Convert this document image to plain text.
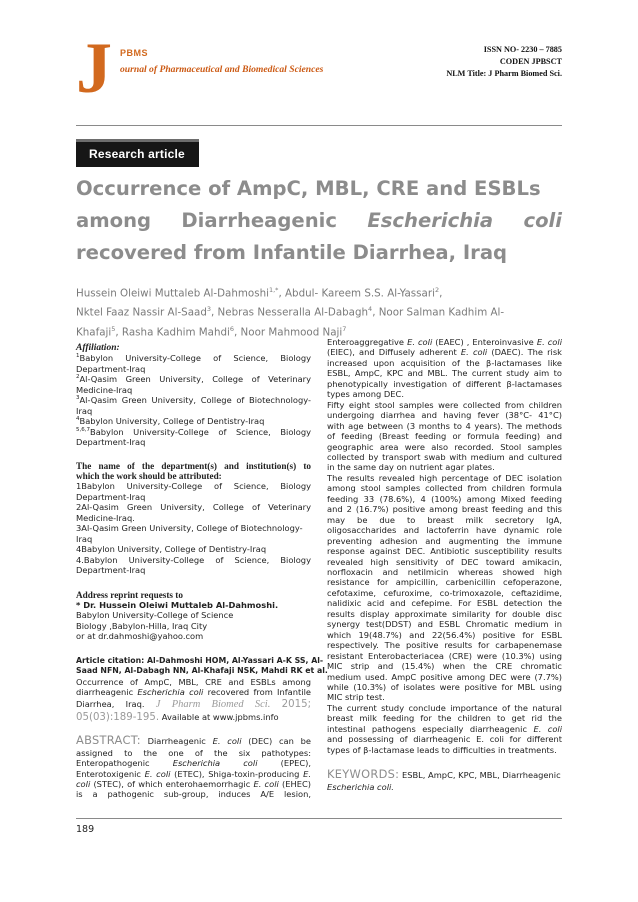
J PBMS
ournal of Pharmaceutical and Biomedical Sciences
ISSN NO- 2230 – 7885
CODEN JPBSCT
NLM Title: J Pharm Biomed Sci.
Research article
Occurrence of AmpC, MBL, CRE and ESBLs
among Diarrheagenic Escherichia coli
recovered from Infantile Diarrhea, Iraq
Hussein Oleiwi Muttaleb Al-Dahmoshi$^{1,*}$, Abdul- Kareem S.S. Al-Yassari$^2$,
Nktel Faaz Nassir Al-Saad$^3$, Nebras Nesseralla Al-Dabagh$^4$, Noor Salman Kadhim Al-
Khafaji$^5$, Rasha Kadhim Mahdi$^6$, Noor Mahmood Naji$^7$
Affiliation:
$^1$Babylon University-College of Science, Biology
Department-Iraq
$^2$Al-Qasim Green University, College of Veterinary
Medicine-Iraq
$^3$Al-Qasim Green University, College of Biotechnology-
Iraq
$^4$Babylon University, College of Dentistry-Iraq
$^{5,6,7}$Babylon University-College of Science, Biology
Department-Iraq
The name of the department(s) and institution(s) to
which the work should be attributed:
1Babylon University-College of Science, Biology
Department-Iraq
2Al-Qasim Green University, College of Veterinary
Medicine-Iraq.
3Al-Qasim Green University, College of Biotechnology-
Iraq
4Babylon University, College of Dentistry-Iraq
4.Babylon University-College of Science, Biology
Department-Iraq
Address reprint requests to
* Dr. Hussein Oleiwi Muttaleb Al-Dahmoshi.
Babylon University-College of Science
Biology ,Babylon-Hilla, Iraq City
or at dr.dahmoshi@yahoo.com
Article citation: Al-Dahmoshi HOM, Al-Yassari A-K SS, Al-
Saad NFN, Al-Dabagh NN, Al-Khafaji NSK, Mahdi RK et al.
Occurrence of AmpC, MBL, CRE and ESBLs among
diarrheagenic Escherichia coli recovered from Infantile
Diarrhea, Iraq. J Pharm Biomed Sci. 2015;
05(03):189-195. Available at www.jpbms.info
ABSTRACT: Diarrheagenic E. coli (DEC) can be
assigned to the one of the six pathotypes:
Enteropathogenic	Escherichia	coli	(EPEC),
Enterotoxigenic E. coli (ETEC), Shiga-toxin-producing E.
coli (STEC), of which enterohaemorrhagic E. coli (EHEC)
is a pathogenic sub-group, induces A/E lesion,
Enteroaggregative E. coli (EAEC) , Enteroinvasive E. coli
(EIEC), and Diffusely adherent E. coli (DAEC). The risk
increased upon acquisition of the β-lactamases like
ESBL, AmpC, KPC and MBL. The current study aim to
phenotypically investigation of different β-lactamases
types among DEC.
Fifty eight stool samples were collected from children
undergoing diarrhea and having fever (38°C- 41°C)
with age between (3 months to 4 years). The methods
of feeding (Breast feeding or formula feeding) and
geographic area were also recorded. Stool samples
collected by transport swab with medium and cultured
in the same day on nutrient agar plates.
The results revealed high percentage of DEC isolation
among stool samples collected from children formula
feeding 33 (78.6%), 4 (100%) among Mixed feeding
and 2 (16.7%) positive among breast feeding and this
may be due to breast milk secretory IgA,
oligosaccharides and lactoferrin have dynamic role
preventing adhesion and augmenting the immune
response against DEC. Antibiotic susceptibility results
revealed high sensitivity of DEC toward amikacin,
norfloxacin and netilmicin whereas showed high
resistance for ampicillin, carbenicillin cefoperazone,
cefotaxime, cefuroxime, co-trimoxazole, ceftazidime,
nalidixic acid and cefepime. For ESBL detection the
results display approximate similarity for double disc
synergy test(DDST) and ESBL Chromatic medium in
which 19(48.7%) and 22(56.4%) positive for ESBL
respectively. The positive results for carbapenemase
resistant Enterobacteriacea (CRE) were (10.3%) using
MIC strip and (15.4%) when the CRE chromatic
medium used. AmpC positive among DEC were (7.7%)
while (10.3%) of isolates were positive for MBL using
MIC strip test.
The current study conclude importance of the natural
breast milk feeding for the children to get rid the
intestinal pathogens especially diarrheagenic E. coli
and possessing of diarrheagenic E. coli for different
types of β-lactamase leads to difficulties in treatments.
KEYWORDS: ESBL, AmpC, KPC, MBL, Diarrheagenic
Escherichia coli.
189
